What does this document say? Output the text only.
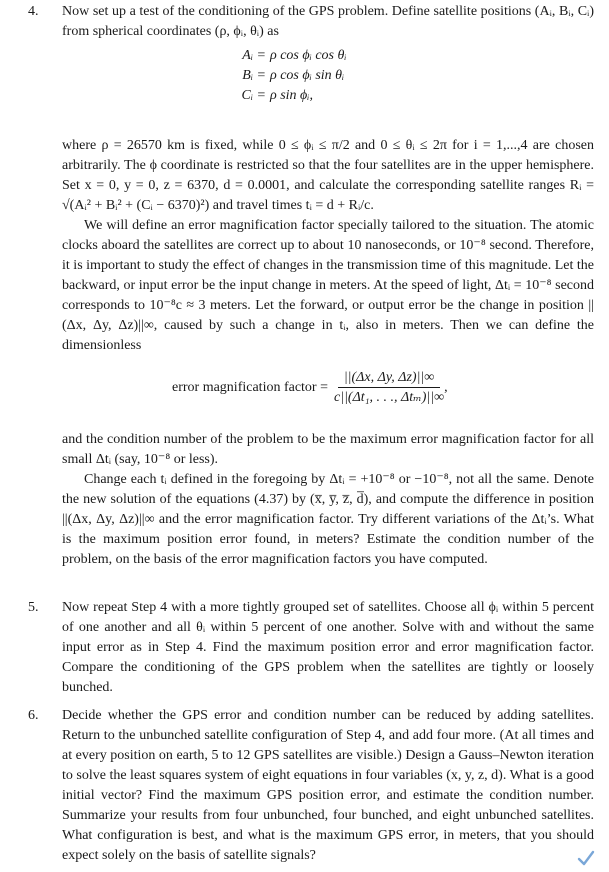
4. Now set up a test of the conditioning of the GPS problem. Define satellite positions (Aᵢ, Bᵢ, Cᵢ) from spherical coordinates (ρ, ϕᵢ, θᵢ) as
Aᵢ = ρ cos ϕᵢ cos θᵢ
Bᵢ = ρ cos ϕᵢ sin θᵢ
Cᵢ = ρ sin ϕᵢ,
where ρ = 26570 km is fixed, while 0 ≤ ϕᵢ ≤ π/2 and 0 ≤ θᵢ ≤ 2π for i = 1,...,4 are chosen arbitrarily. The ϕ coordinate is restricted so that the four satellites are in the upper hemisphere. Set x = 0, y = 0, z = 6370, d = 0.0001, and calculate the corresponding satellite ranges Rᵢ = √(Aᵢ² + Bᵢ² + (Cᵢ − 6370)²) and travel times tᵢ = d + Rᵢ/c.
We will define an error magnification factor specially tailored to the situation. The atomic clocks aboard the satellites are correct up to about 10 nanoseconds, or 10⁻⁸ second. Therefore, it is important to study the effect of changes in the transmission time of this magnitude. Let the backward, or input error be the input change in meters. At the speed of light, Δtᵢ = 10⁻⁸ second corresponds to 10⁻⁸c ≈ 3 meters. Let the forward, or output error be the change in position ||(Δx, Δy, Δz)||∞, caused by such a change in tᵢ, also in meters. Then we can define the dimensionless
error magnification factor = $\frac{||(\Delta x, \Delta y, \Delta z)||\infty}{\text{c||(Δt₁, . . ., Δtₘ)||∞}}$ ,
and the condition number of the problem to be the maximum error magnification factor for all small Δtᵢ (say, 10⁻⁸ or less).
Change each tᵢ defined in the foregoing by Δtᵢ = +10⁻⁸ or −10⁻⁸, not all the same. Denote the new solution of the equations (4.37) by (x̅, y̅, z̅, d̅), and compute the difference in position ||(Δx, Δy, Δz)||∞ and the error magnification factor. Try different variations of the Δtᵢ’s. What is the maximum position error found, in meters? Estimate the condition number of the problem, on the basis of the error magnification factors you have computed.
5. Now repeat Step 4 with a more tightly grouped set of satellites. Choose all ϕᵢ within 5 percent of one another and all θᵢ within 5 percent of one another. Solve with and without the same input error as in Step 4. Find the maximum position error and error magnification factor. Compare the conditioning of the GPS problem when the satellites are tightly or loosely bunched.
6. Decide whether the GPS error and condition number can be reduced by adding satellites. Return to the unbunched satellite configuration of Step 4, and add four more. (At all times and at every position on earth, 5 to 12 GPS satellites are visible.) Design a Gauss–Newton iteration to solve the least squares system of eight equations in four variables (x, y, z, d). What is a good initial vector? Find the maximum GPS position error, and estimate the condition number. Summarize your results from four unbunched, four bunched, and eight unbunched satellites. What configuration is best, and what is the maximum GPS error, in meters, that you should expect solely on the basis of satellite signals?
